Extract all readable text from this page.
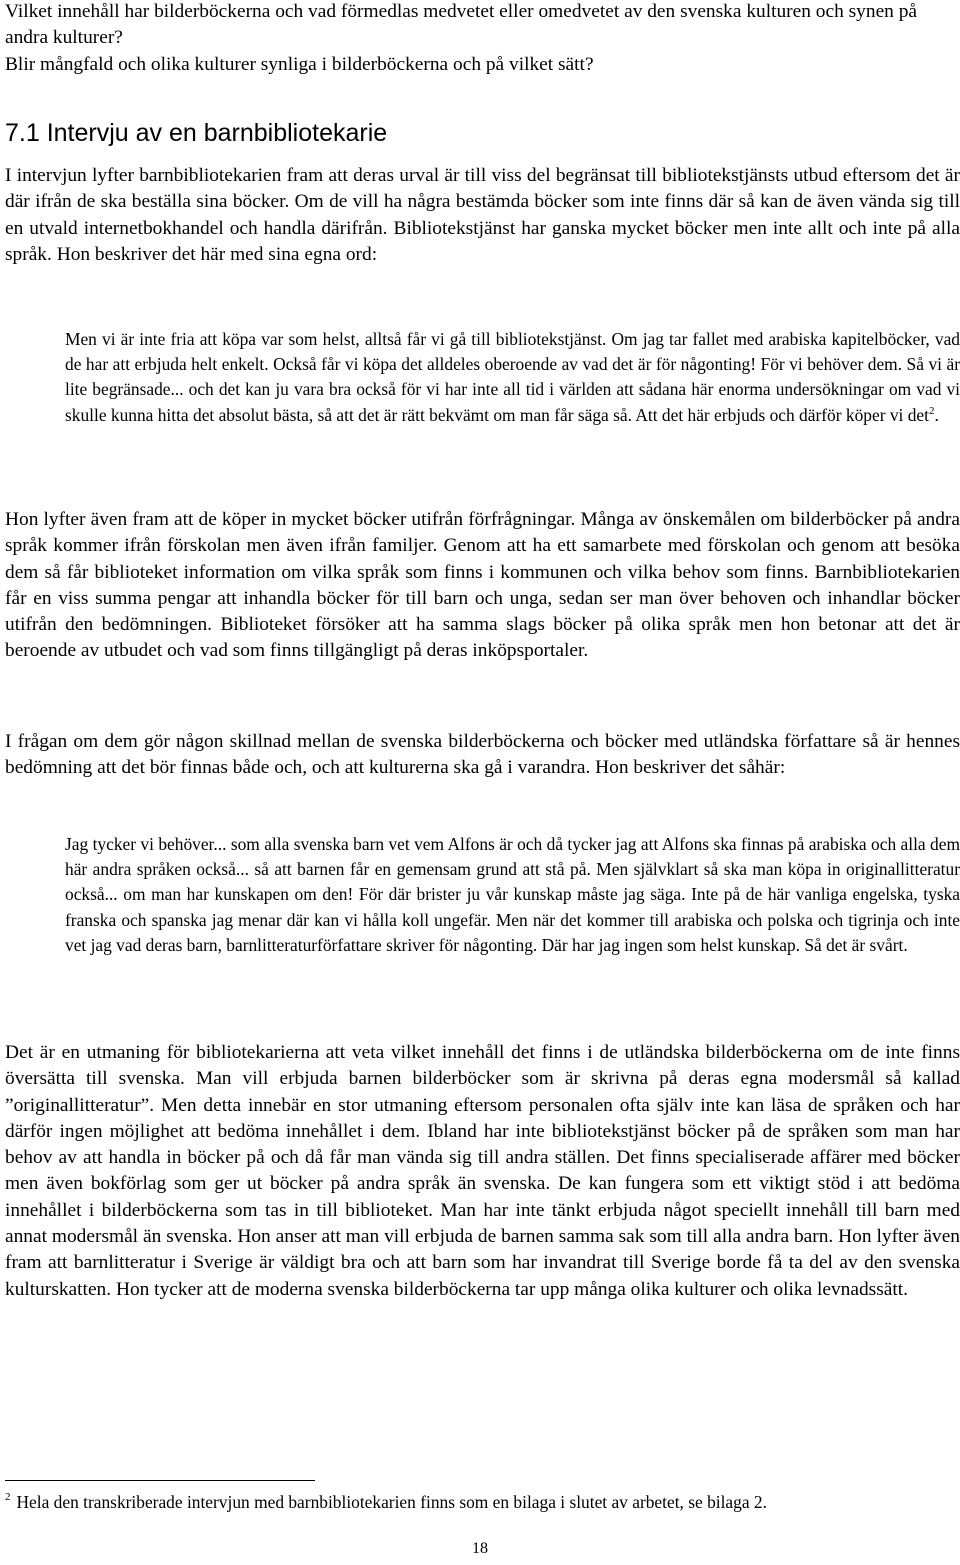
Vilket innehåll har bilderböckerna och vad förmedlas medvetet eller omedvetet av den svenska kulturen och synen på andra kulturer?

Blir mångfald och olika kulturer synliga i bilderböckerna och på vilket sätt?

7.1 Intervju av en barnbibliotekarie

I intervjun lyfter barnbibliotekarien fram att deras urval är till viss del begränsat till bibliotekstjänsts utbud eftersom det är där ifrån de ska beställa sina böcker. Om de vill ha några bestämda böcker som inte finns där så kan de även vända sig till en utvald internetbokhandel och handla därifrån. Bibliotekstjänst har ganska mycket böcker men inte allt och inte på alla språk. Hon beskriver det här med sina egna ord:

Men vi är inte fria att köpa var som helst, alltså får vi gå till bibliotekstjänst. Om jag tar fallet med arabiska kapitelböcker, vad de har att erbjuda helt enkelt. Också får vi köpa det alldeles oberoende av vad det är för någonting! För vi behöver dem. Så vi är lite begränsade... och det kan ju vara bra också för vi har inte all tid i världen att sådana här enorma undersökningar om vad vi skulle kunna hitta det absolut bästa, så att det är rätt bekvämt om man får säga så. Att det här erbjuds och därför köper vi $\det^2$.

Hon lyfter även fram att de köper in mycket böcker utifrån förfrågningar. Många av önskemålen om bilderböcker på andra språk kommer ifrån förskolan men även ifrån familjer. Genom att ha ett samarbete med förskolan och genom att besöka dem så får biblioteket information om vilka språk som finns i kommunen och vilka behov som finns. Barnbibliotekarien får en viss summa pengar att inhandla böcker för till barn och unga, sedan ser man över behoven och inhandlar böcker utifrån den bedömningen. Biblioteket försöker att ha samma slags böcker på olika språk men hon betonar att det är beroende av utbudet och vad som finns tillgängligt på deras inköpsportaler.

I frågan om dem gör någon skillnad mellan de svenska bilderböckerna och böcker med utländska författare så är hennes bedömning att det bör finnas både och, och att kulturerna ska gå i varandra. Hon beskriver det såhär:

Jag tycker vi behöver... som alla svenska barn vet vem Alfons är och då tycker jag att Alfons ska finnas på arabiska och alla dem här andra språken också... så att barnen får en gemensam grund att stå på. Men självklart så ska man köpa in originallitteratur också... om man har kunskapen om den! För där brister ju vår kunskap måste jag säga. Inte på de här vanliga engelska, tyska franska och spanska jag menar där kan vi hålla koll ungefär. Men när det kommer till arabiska och polska och tigrinja och inte vet jag vad deras barn, barnlitteraturförfattare skriver för någonting. Där har jag ingen som helst kunskap. Så det är svårt.

Det är en utmaning för bibliotekarierna att veta vilket innehåll det finns i de utländska bilderböckerna om de inte finns översätta till svenska. Man vill erbjuda barnen bilderböcker som är skrivna på deras egna modersmål så kallad ”originallitteratur”. Men detta innebär en stor utmaning eftersom personalen ofta själv inte kan läsa de språken och har därför ingen möjlighet att bedöma innehållet i dem. Ibland har inte bibliotekstjänst böcker på de språken som man har behov av att handla in böcker på och då får man vända sig till andra ställen. Det finns specialiserade affärer med böcker men även bokförlag som ger ut böcker på andra språk än svenska. De kan fungera som ett viktigt stöd i att bedöma innehållet i bilderböckerna som tas in till biblioteket. Man har inte tänkt erbjuda något speciellt innehåll till barn med annat modersmål än svenska. Hon anser att man vill erbjuda de barnen samma sak som till alla andra barn. Hon lyfter även fram att barnlitteratur i Sverige är väldigt bra och att barn som har invandrat till Sverige borde få ta del av den svenska kulturskatten. Hon tycker att de moderna svenska bilderböckerna tar upp många olika kulturer och olika levnadssätt.

$^2$ Hela den transkriberade intervjun med barnbibliotekarien finns som en bilaga i slutet av arbetet, se bilaga 2.
18
